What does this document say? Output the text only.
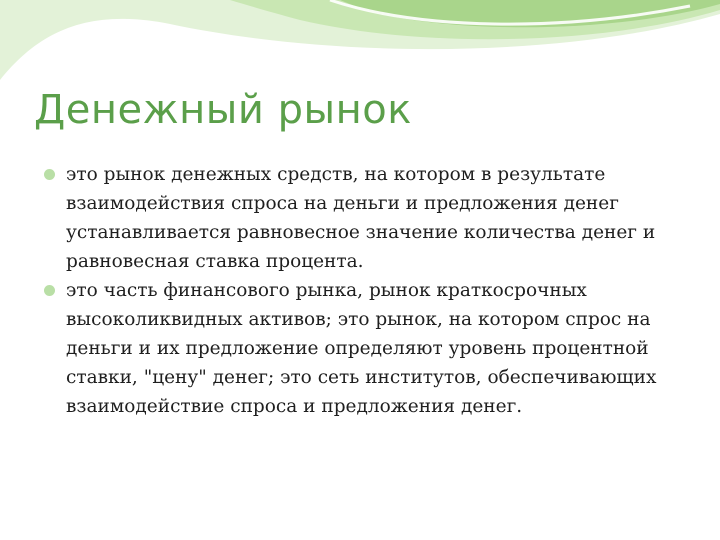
Денежный рынок
это рынок денежных средств, на котором в результате взаимодействия спроса на деньги и предложения денег устанавливается равновесное значение количества денег и равновесная ставка процента.
это часть финансового рынка, рынок краткосрочных высоколиквидных активов; это рынок, на котором спрос на деньги и их предложение определяют уровень процентной ставки, "цену" денег; это сеть институтов, обеспечивающих взаимодействие спроса и предложения денег.
